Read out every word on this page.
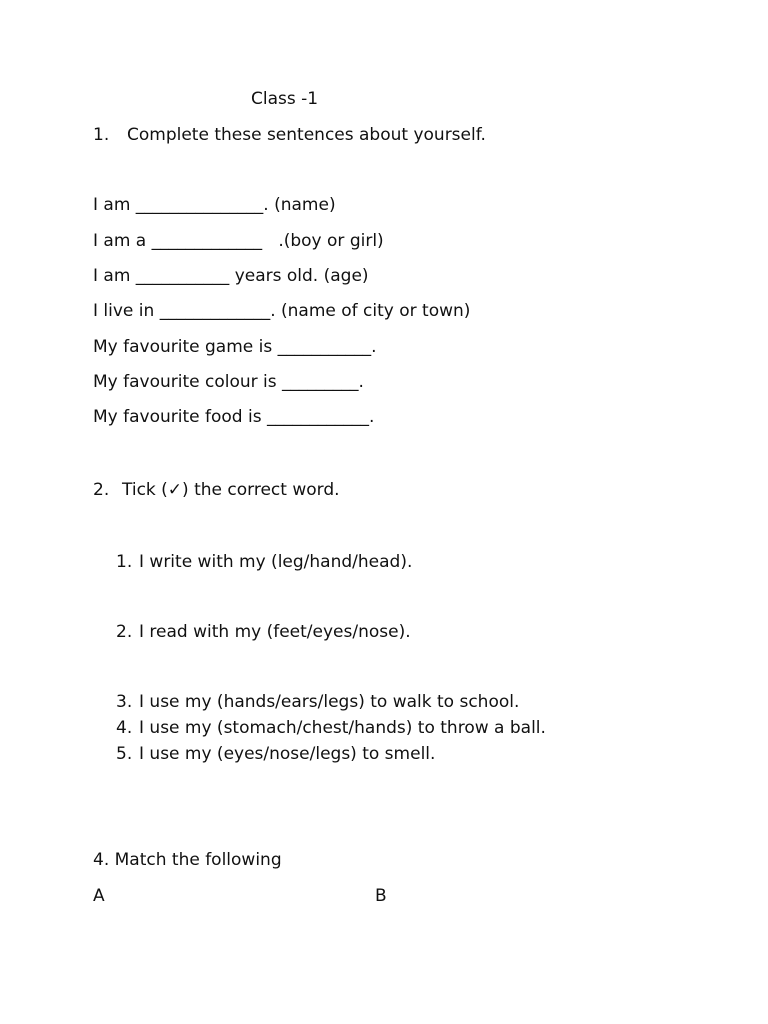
Class -1
1. Complete these sentences about yourself.
I am _______________. (name)
I am a _____________   .(boy or girl)
I am ___________ years old. (age)
I live in _____________. (name of city or town)
My favourite game is ___________.
My favourite colour is _________.
My favourite food is ____________.
2. Tick (✓) the correct word.
1. I write with my (leg/hand/head).
2. I read with my (feet/eyes/nose).
3. I use my (hands/ears/legs) to walk to school.
4. I use my (stomach/chest/hands) to throw a ball.
5. I use my (eyes/nose/legs) to smell.
4. Match the following
A	B
